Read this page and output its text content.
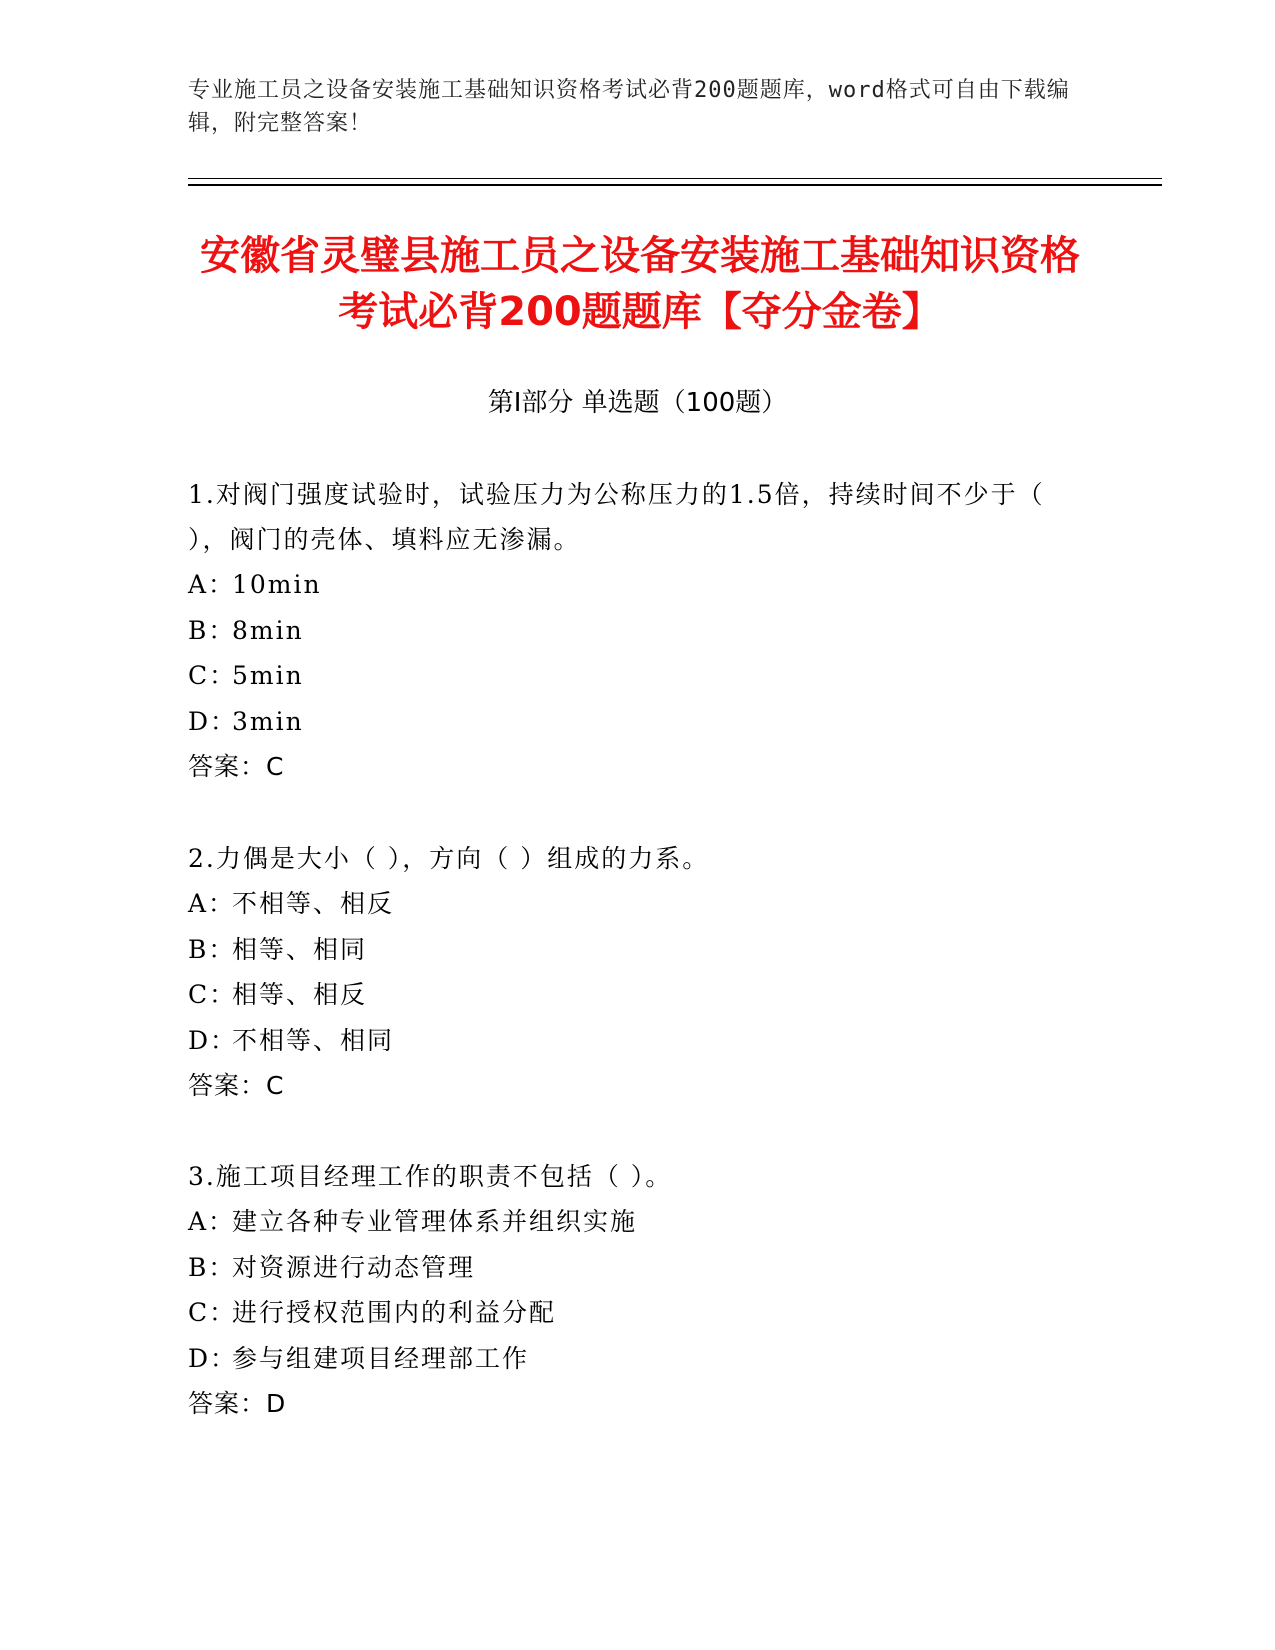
专业施工员之设备安装施工基础知识资格考试必背200题题库，word格式可自由下载编辑，附完整答案！
安徽省灵璧县施工员之设备安装施工基础知识资格考试必背200题题库【夺分金卷】
第I部分 单选题（100题）
1.对阀门强度试验时，试验压力为公称压力的1.5倍，持续时间不少于（ ），阀门的壳体、填料应无渗漏。
A：10min
B：8min
C：5min
D：3min
答案：C
2.力偶是大小（ ），方向（ ）组成的力系。
A：不相等、相反
B：相等、相同
C：相等、相反
D：不相等、相同
答案：C
3.施工项目经理工作的职责不包括（ ）。
A：建立各种专业管理体系并组织实施
B：对资源进行动态管理
C：进行授权范围内的利益分配
D：参与组建项目经理部工作
答案：D
